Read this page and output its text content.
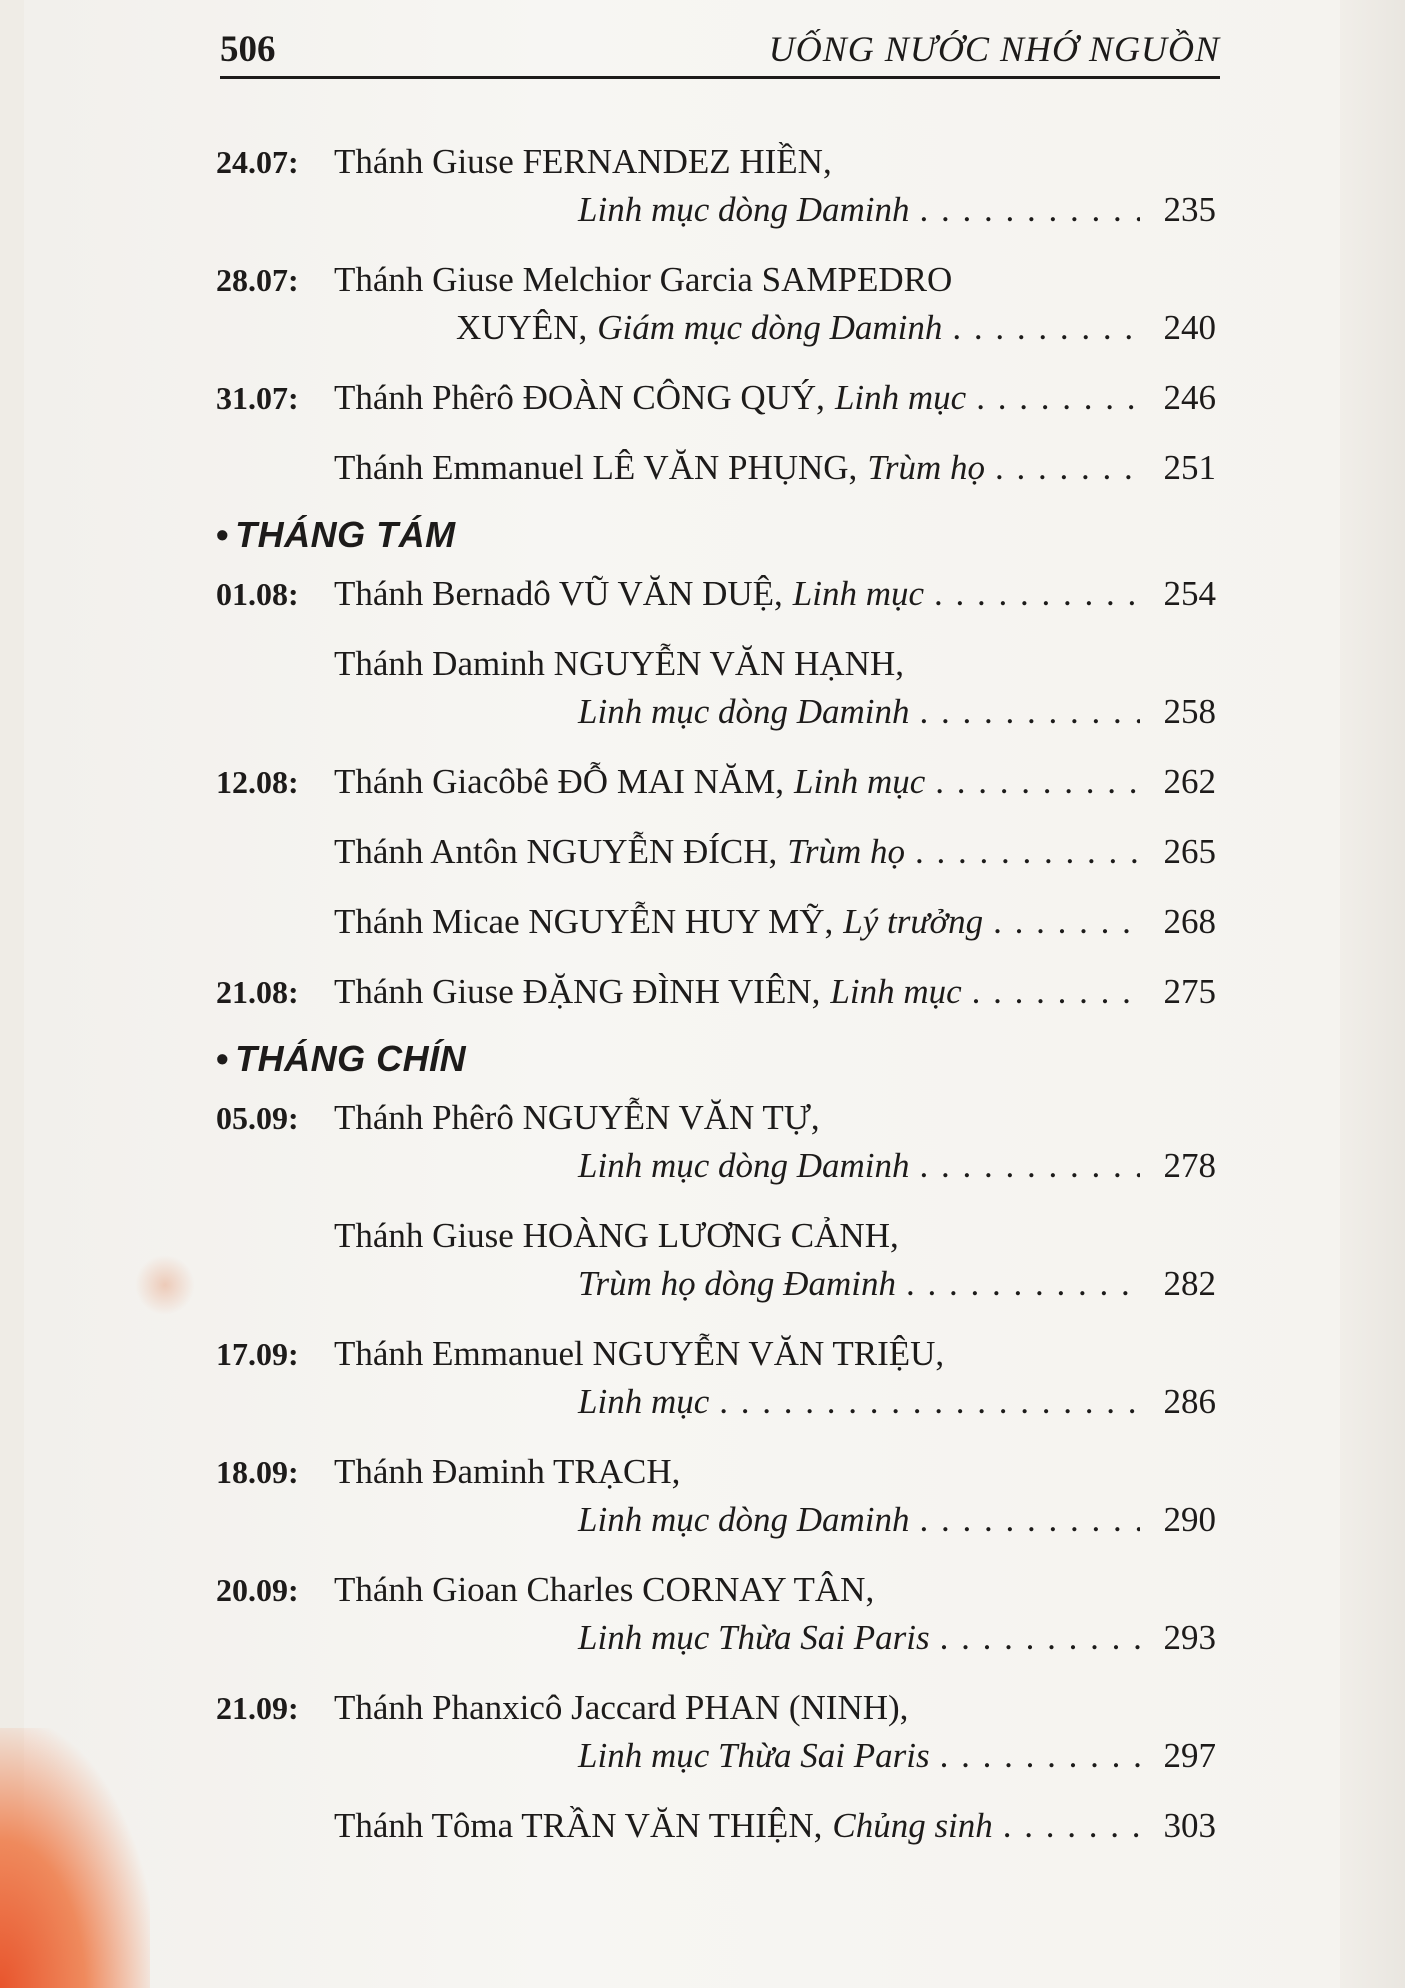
506	UỐNG NƯỚC NHỚ NGUỒN
24.07:	Thánh Giuse FERNANDEZ HIỀN,
Linh mục dòng Daminh . . .	235
28.07:	Thánh Giuse Melchior Garcia SAMPEDRO
XUYÊN, Giám mục dòng Daminh . . .	240
31.07: Thánh Phêrô ĐOÀN CÔNG QUÝ, Linh mục . . .	246
Thánh Emmanuel LÊ VĂN PHỤNG, Trùm họ . . .	251
• THÁNG TÁM
01.08: Thánh Bernadô VŨ VĂN DUỆ, Linh mục . . .	254
Thánh Daminh NGUYỄN VĂN HẠNH,
Linh mục dòng Daminh . . .	258
12.08: Thánh Giacôbê ĐỖ MAI NĂM, Linh mục . . .	262
Thánh Antôn NGUYỄN ĐÍCH, Trùm họ . . .	265
Thánh Micae NGUYỄN HUY MỸ, Lý trưởng . . .	268
21.08: Thánh Giuse ĐẶNG ĐÌNH VIÊN, Linh mục . . .	275
• THÁNG CHÍN
05.09:	Thánh Phêrô NGUYỄN VĂN TỰ,
Linh mục dòng Daminh . . .	278
Thánh Giuse HOÀNG LƯƠNG CẢNH,
Trùm họ dòng Đaminh . . .	282
17.09:	Thánh Emmanuel NGUYỄN VĂN TRIỆU,
Linh mục . . .	286
18.09:	Thánh Đaminh TRẠCH,
Linh mục dòng Daminh . . .	290
20.09:	Thánh Gioan Charles CORNAY TÂN,
Linh mục Thừa Sai Paris . . .	293
21.09:	Thánh Phanxicô Jaccard PHAN (NINH),
Linh mục Thừa Sai Paris . . .	297
Thánh Tôma TRẦN VĂN THIỆN, Chủng sinh . . .	303
